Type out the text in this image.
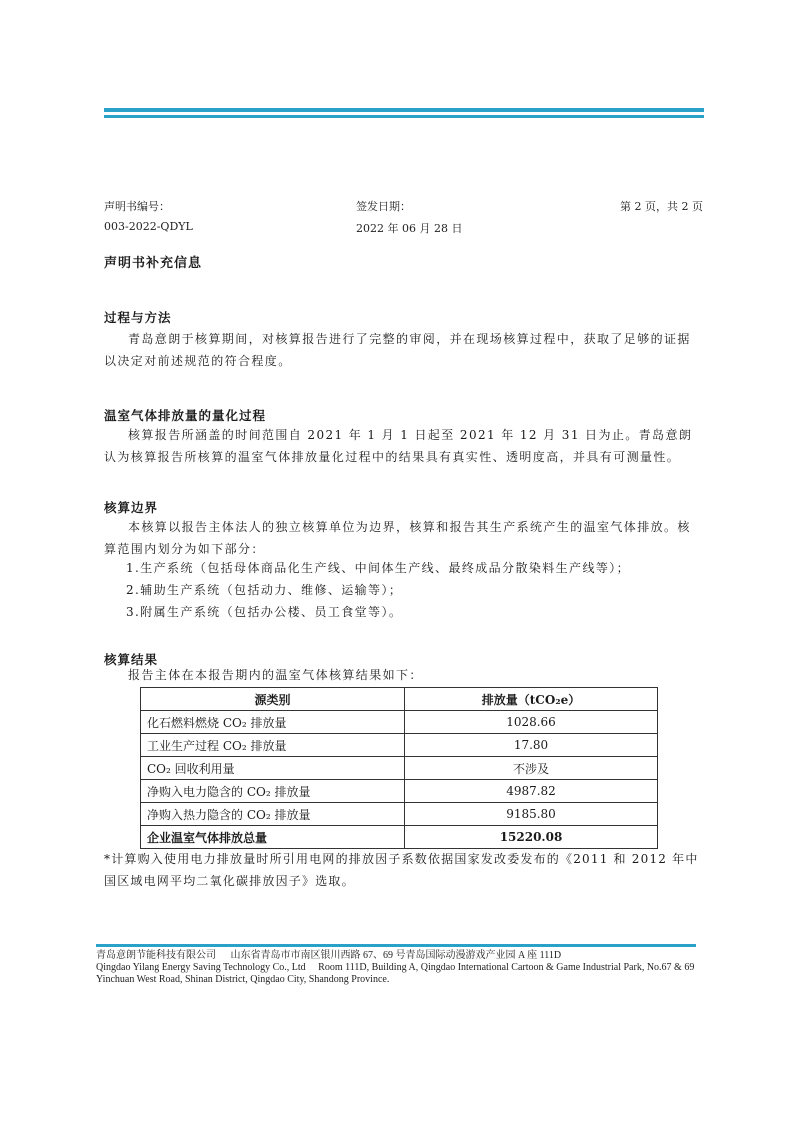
声明书编号：
003-2022-QDYL
签发日期：
2022 年 06 月 28 日
第 2 页，共 2 页
声明书补充信息
过程与方法
青岛意朗于核算期间，对核算报告进行了完整的审阅，并在现场核算过程中，获取了足够的证据以决定对前述规范的符合程度。
温室气体排放量的量化过程
核算报告所涵盖的时间范围自 2021 年 1 月 1 日起至 2021 年 12 月 31 日为止。青岛意朗认为核算报告所核算的温室气体排放量化过程中的结果具有真实性、透明度高，并具有可测量性。
核算边界
本核算以报告主体法人的独立核算单位为边界，核算和报告其生产系统产生的温室气体排放。核算范围内划分为如下部分：
1.生产系统（包括母体商品化生产线、中间体生产线、最终成品分散染料生产线等）；
2.辅助生产系统（包括动力、维修、运输等）；
3.附属生产系统（包括办公楼、员工食堂等）。
核算结果
报告主体在本报告期内的温室气体核算结果如下：
源类别	排放量（tCO₂e）
化石燃料燃烧 CO₂ 排放量	1028.66
工业生产过程 CO₂ 排放量	17.80
CO₂ 回收利用量	不涉及
净购入电力隐含的 CO₂ 排放量	4987.82
净购入热力隐含的 CO₂ 排放量	9185.80
企业温室气体排放总量	15220.08
*计算购入使用电力排放量时所引用电网的排放因子系数依据国家发改委发布的《2011 和 2012 年中国区域电网平均二氧化碳排放因子》选取。
青岛意朗节能科技有限公司 山东省青岛市市南区银川西路 67、69 号青岛国际动漫游戏产业园 A 座 111D
Qingdao Yilang Energy Saving Technology Co., Ltd Room 111D, Building A, Qingdao International Cartoon & Game Industrial Park, No.67 & 69 Yinchuan West Road, Shinan District, Qingdao City, Shandong Province.
